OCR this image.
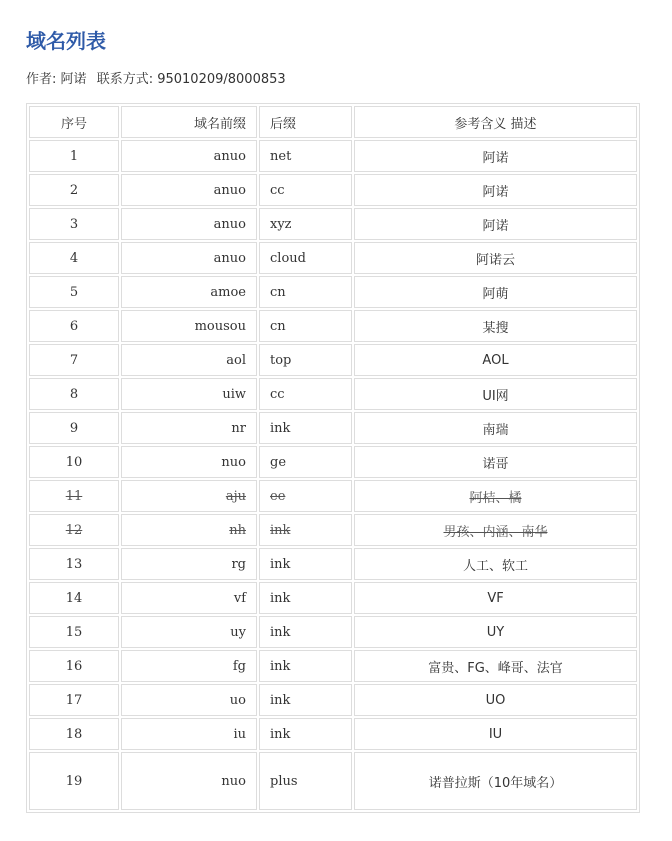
域名列表
作者: 阿诺 联系方式: 95010209/8000853
序号	域名前缀	后缀	参考含义 描述
1	anuo	net	阿诺
2	anuo	cc	阿诺
3	anuo	xyz	阿诺
4	anuo	cloud	阿诺云
5	amoe	cn	阿萌
6	mousou	cn	某搜
7	aol	top	AOL
8	uiw	cc	UI网
9	nr	ink	南瑞
10	nuo	ge	诺哥
11	aju	ee	阿桔、橘
12	nh	ink	男孩、内涵、南华
13	rg	ink	人工、软工
14	vf	ink	VF
15	uy	ink	UY
16	fg	ink	富贵、FG、峰哥、法官
17	uo	ink	UO
18	iu	ink	IU
19	nuo	plus	诺普拉斯（10年域名）
